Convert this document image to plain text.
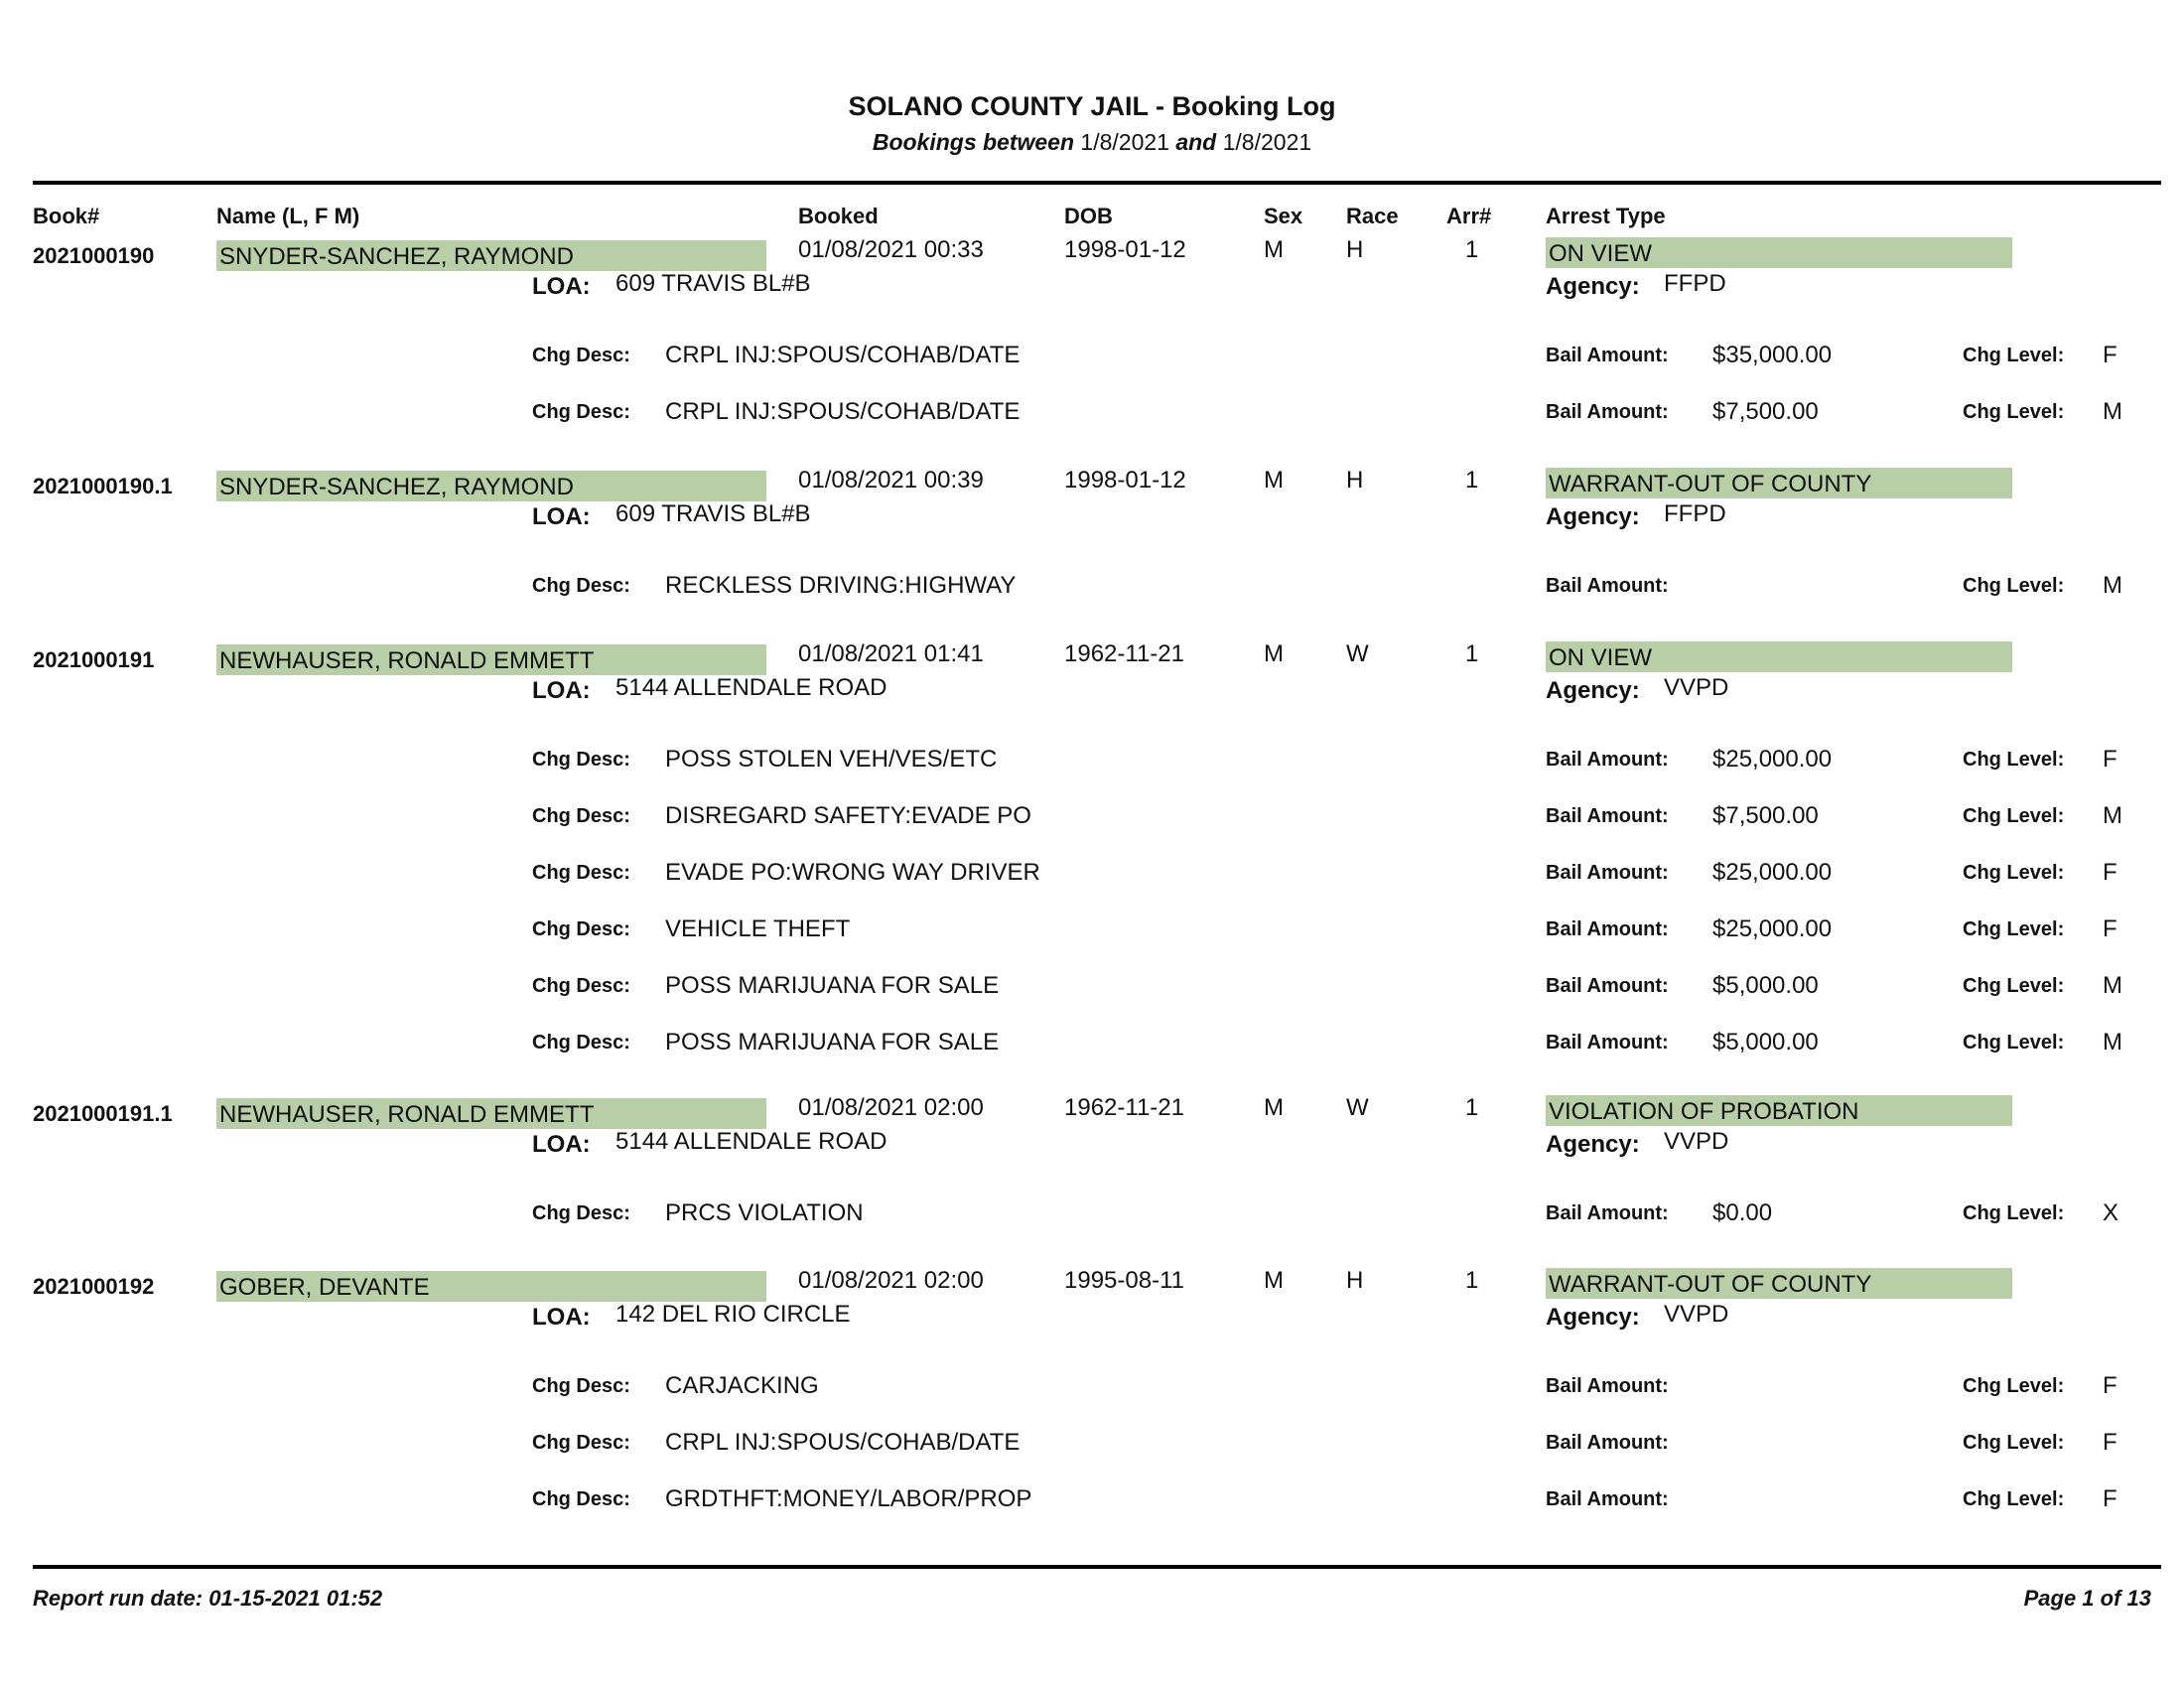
SOLANO COUNTY JAIL - Booking Log
Bookings between 1/8/2021 and 1/8/2021
Book#	Name (L, F M)	Booked	DOB	Sex Race Arr# Arrest Type
2021000190	SNYDER-SANCHEZ, RAYMOND	01/08/2021 00:33	1998-01-12	M	H	1	ON VIEW
LOA: 609 TRAVIS BL#B	Agency: FFPD
Chg Desc: CRPL INJ:SPOUS/COHAB/DATE	Bail Amount: $35,000.00	Chg Level: F
Chg Desc: CRPL INJ:SPOUS/COHAB/DATE	Bail Amount: $7,500.00	Chg Level: M
2021000190.1 SNYDER-SANCHEZ, RAYMOND	01/08/2021 00:39	1998-01-12	M	H	1	WARRANT-OUT OF COUNTY
LOA: 609 TRAVIS BL#B	Agency: FFPD
Chg Desc: RECKLESS DRIVING:HIGHWAY	Bail Amount:	Chg Level: M
2021000191	NEWHAUSER, RONALD EMMETT	01/08/2021 01:41	1962-11-21	M	W	1	ON VIEW
LOA: 5144 ALLENDALE ROAD	Agency: VVPD
Chg Desc: POSS STOLEN VEH/VES/ETC	Bail Amount: $25,000.00	Chg Level: F
Chg Desc: DISREGARD SAFETY:EVADE PO	Bail Amount: $7,500.00	Chg Level: M
Chg Desc: EVADE PO:WRONG WAY DRIVER	Bail Amount: $25,000.00	Chg Level: F
Chg Desc: VEHICLE THEFT	Bail Amount: $25,000.00	Chg Level: F
Chg Desc: POSS MARIJUANA FOR SALE	Bail Amount: $5,000.00	Chg Level: M
Chg Desc: POSS MARIJUANA FOR SALE	Bail Amount: $5,000.00	Chg Level: M
2021000191.1 NEWHAUSER, RONALD EMMETT	01/08/2021 02:00	1962-11-21	M	W	1	VIOLATION OF PROBATION
LOA: 5144 ALLENDALE ROAD	Agency: VVPD
Chg Desc: PRCS VIOLATION	Bail Amount: $0.00	Chg Level: X
2021000192	GOBER, DEVANTE	01/08/2021 02:00	1995-08-11	M	H	1	WARRANT-OUT OF COUNTY
LOA: 142 DEL RIO CIRCLE	Agency: VVPD
Chg Desc: CARJACKING	Bail Amount:	Chg Level: F
Chg Desc: CRPL INJ:SPOUS/COHAB/DATE	Bail Amount:	Chg Level: F
Chg Desc: GRDTHFT:MONEY/LABOR/PROP	Bail Amount:	Chg Level: F
Report run date: 01-15-2021 01:52	Page 1 of 13
